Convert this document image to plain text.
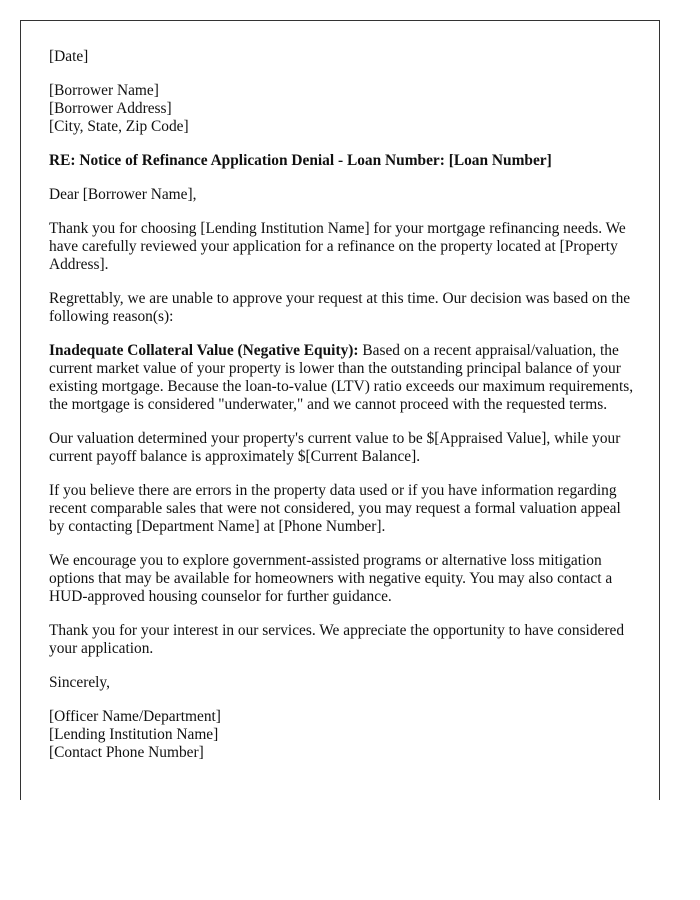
[Date]

[Borrower Name]
[Borrower Address]
[City, State, Zip Code]

RE: Notice of Refinance Application Denial - Loan Number: [Loan Number]

Dear [Borrower Name],

Thank you for choosing [Lending Institution Name] for your mortgage refinancing needs. We have carefully reviewed your application for a refinance on the property located at [Property Address].

Regrettably, we are unable to approve your request at this time. Our decision was based on the following reason(s):

Inadequate Collateral Value (Negative Equity): Based on a recent appraisal/valuation, the current market value of your property is lower than the outstanding principal balance of your existing mortgage. Because the loan-to-value (LTV) ratio exceeds our maximum requirements, the mortgage is considered "underwater," and we cannot proceed with the requested terms.

Our valuation determined your property's current value to be $[Appraised Value], while your current payoff balance is approximately $[Current Balance].

If you believe there are errors in the property data used or if you have information regarding recent comparable sales that were not considered, you may request a formal valuation appeal by contacting [Department Name] at [Phone Number].

We encourage you to explore government-assisted programs or alternative loss mitigation options that may be available for homeowners with negative equity. You may also contact a HUD-approved housing counselor for further guidance.

Thank you for your interest in our services. We appreciate the opportunity to have considered your application.

Sincerely,

[Officer Name/Department]
[Lending Institution Name]
[Contact Phone Number]
